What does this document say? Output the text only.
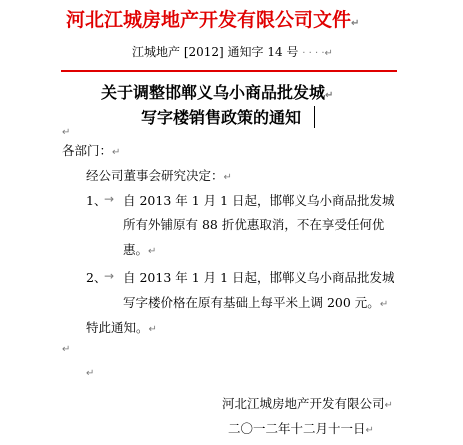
河北江城房地产开发有限公司文件↵
江城地产 [2012] 通知字 14 号 · · · ·↵
关于调整邯郸义乌小商品批发城↵
写字楼销售政策的通知
↵
各部门：↵
经公司董事会研究决定：↵
1、
→ 自 2013 年 1 月 1 日起，邯郸义乌小商品批发城
所有外铺原有 88 折优惠取消，不在享受任何优
惠。↵
2、
→ 自 2013 年 1 月 1 日起，邯郸义乌小商品批发城
写字楼价格在原有基础上每平米上调 200 元。↵
特此通知。↵
↵
↵
河北江城房地产开发有限公司↵
二〇一二年十二月十一日↵
